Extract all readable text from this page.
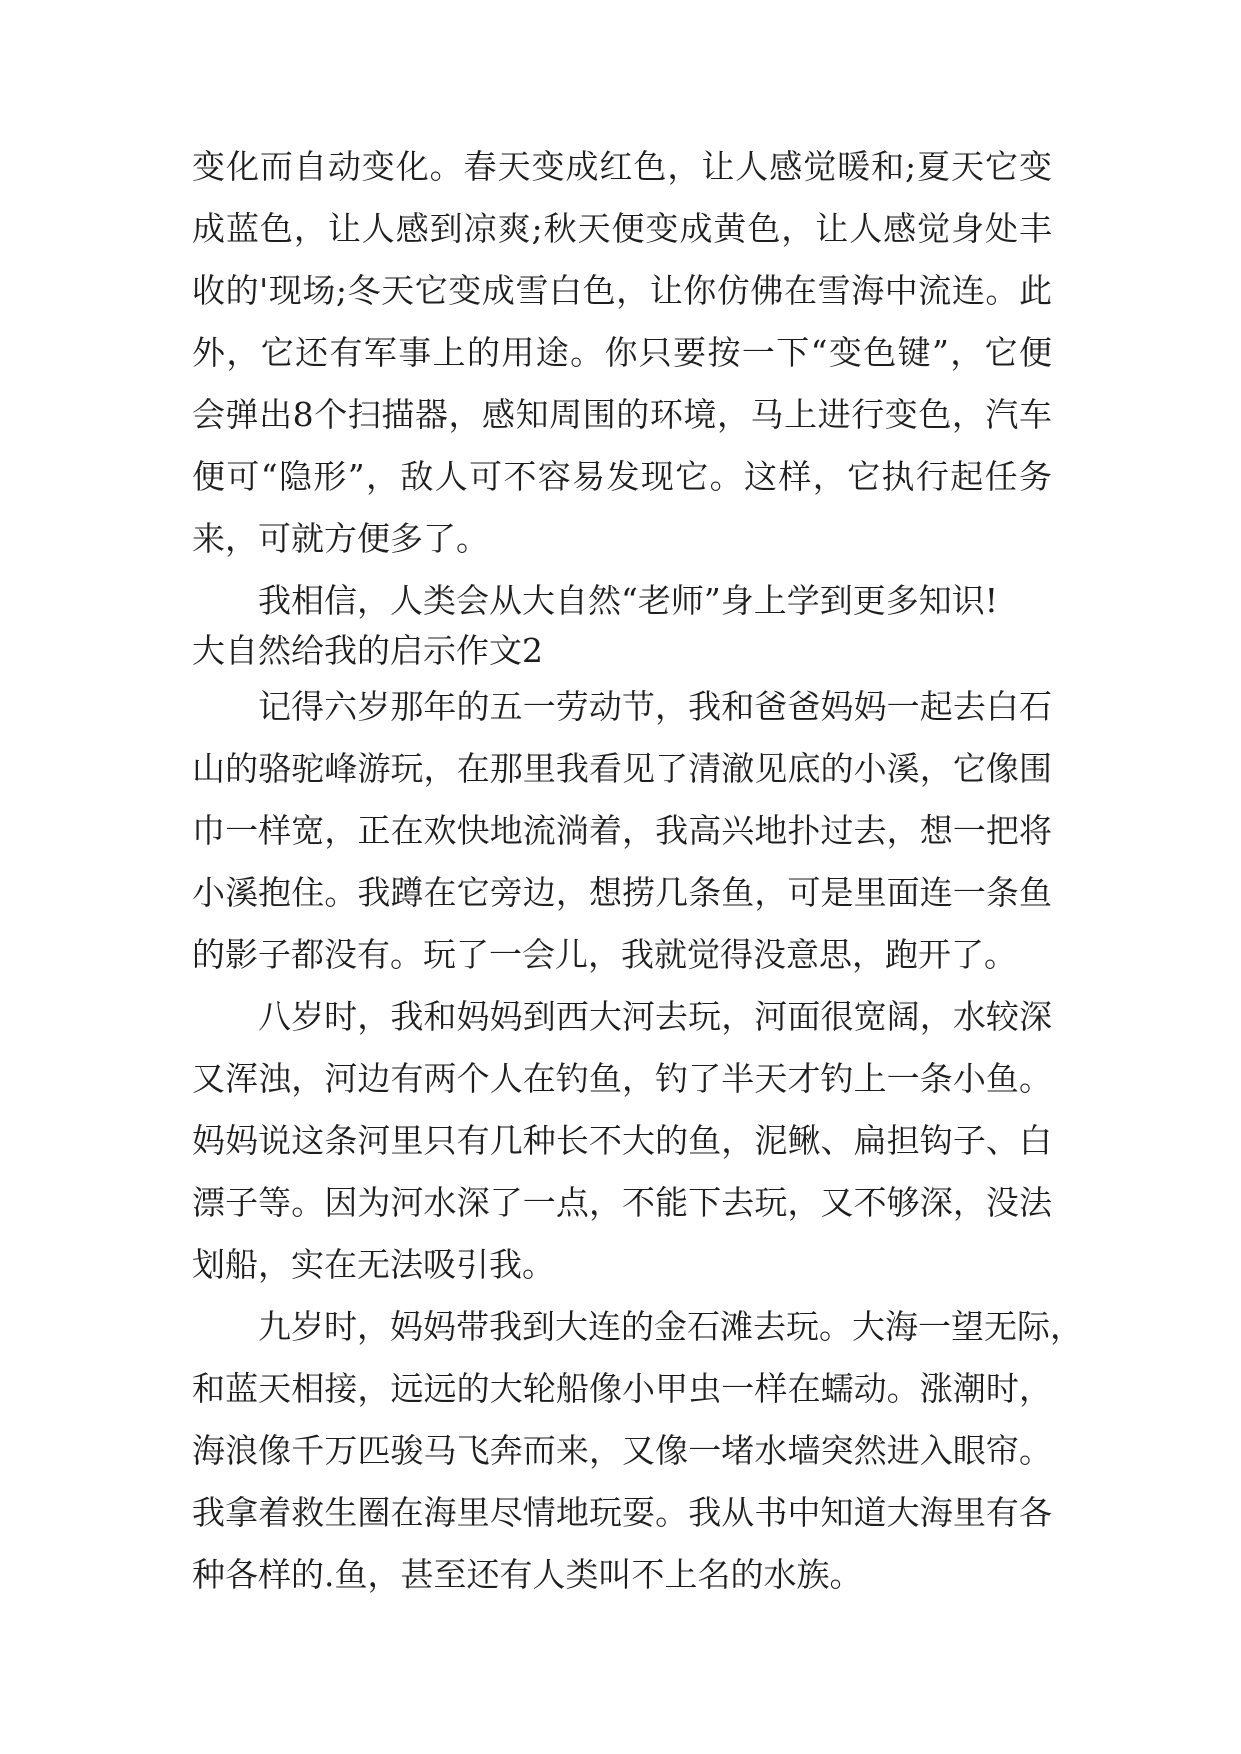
变化而自动变化。春天变成红色，让人感觉暖和;夏天它变
成蓝色，让人感到凉爽;秋天便变成黄色，让人感觉身处丰
收的'现场;冬天它变成雪白色，让你仿佛在雪海中流连。此
外，它还有军事上的用途。你只要按一下“变色键”，它便
会弹出8个扫描器，感知周围的环境，马上进行变色，汽车
便可“隐形”，敌人可不容易发现它。这样，它执行起任务
来，可就方便多了。
我相信，人类会从大自然“老师”身上学到更多知识!
大自然给我的启示作文2
记得六岁那年的五一劳动节，我和爸爸妈妈一起去白石
山的骆驼峰游玩，在那里我看见了清澈见底的小溪，它像围
巾一样宽，正在欢快地流淌着，我高兴地扑过去，想一把将
小溪抱住。我蹲在它旁边，想捞几条鱼，可是里面连一条鱼
的影子都没有。玩了一会儿，我就觉得没意思，跑开了。
八岁时，我和妈妈到西大河去玩，河面很宽阔，水较深
又浑浊，河边有两个人在钓鱼，钓了半天才钓上一条小鱼。
妈妈说这条河里只有几种长不大的鱼，泥鳅、扁担钩子、白
漂子等。因为河水深了一点，不能下去玩，又不够深，没法
划船，实在无法吸引我。
九岁时，妈妈带我到大连的金石滩去玩。大海一望无际，
和蓝天相接，远远的大轮船像小甲虫一样在蠕动。涨潮时，
海浪像千万匹骏马飞奔而来，又像一堵水墙突然进入眼帘。
我拿着救生圈在海里尽情地玩耍。我从书中知道大海里有各
种各样的.鱼，甚至还有人类叫不上名的水族。
